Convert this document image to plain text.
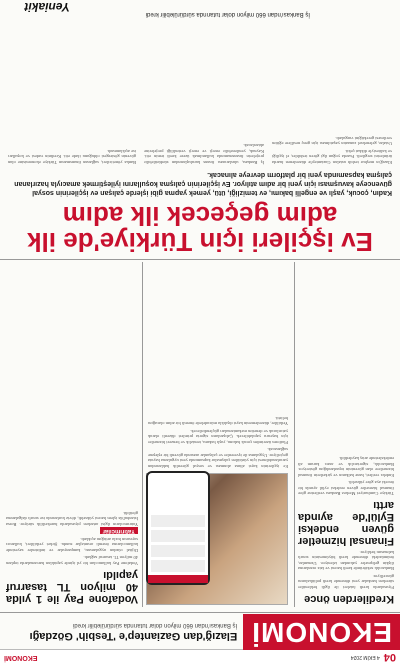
04
4 EKİM 2024
EKONOMİ
EKONOMİ
Elazığ'dan Gaziantep'e 'Tesbih' Gözdağı
İş Bankası'ndan 660 milyon dolar tutarında sürdürülebilir kredi
Kredilerden önce

Piyasalarda kredi faizleri ile ilgili beklentiler sürerken bankalar yeni dönemde kredi politikalarını güncelliyor.

Bankacılık sektöründe kredi hacmi ve faiz oranlarına ilişkin gelişmeler yakından izleniyor. Uzmanlar, önümüzdeki dönemde kredi büyümesinin sınırlı kalmasını bekliyor.

Finansal hizmetler güven endeksi Eylül'de ayında arttı

Türkiye Cumhuriyet Merkez Bankası verilerine göre finansal hizmetler güven endeksi eylül ayında bir önceki aya göre yükseldi.

Endeks verileri, hane halkının ve şirketlerin finansal hizmetlere olan güveninin toparlandığını gösteriyor. Bankacılık, sigortacılık ve aracı kurum alt endekslerinde artış kaydedildi.

Ev işçilerinin kayıt altına alınması ve sosyal güvenlik haklarından yararlanabilmesi için yürütülen çalışmalar kapsamında yeni uygulama hayata geçiriliyor. Uygulama ile işverenler ve çalışanlar arasında güvenli bir eşleşme sağlanacak.

Platform üzerinden çocuk bakımı, yaşlı bakımı, temizlik ve benzeri hizmetler için başvuru yapılabilecek. Çalışanların sigorta primleri düzenli olarak yatırılacak ve denetim mekanizmaları güçlendirilecek.

Yetkililer, düzenlemenin kayıt dışılıkla mücadelede önemli bir adım olacağını belirtti.

Vodafone Pay ile 1 yılda 40 milyon TL tasarruf yapıldı

Vodafone Pay kullanıcıları bir yıl içinde yaptıkları harcamalarda toplam 40 milyon TL tasarruf sağladı.

Dijital cüzdan uygulaması, kampanyalar ve indirimler sayesinde kullanıcılarına önemli avantajlar sundu. Şirket yetkilileri, kullanıcı sayısının hızla arttığını açıkladı.

Yatırımcılar

Yatırımcıların ilgisi artarken piyasalarda hareketlilik sürüyor. Borsa İstanbul'da işlem hacmi yükseldi, döviz kurlarında ise sınırlı dalgalanma görüldü.

Ev işçileri için Türkiye'de ilk adım geçecek ilk adım
Kadın, çocuk, yaşlı ve engelli bakımı, ev temizliği, ütü, yemek yapma gibi işlerde çalışan ev işçilerinin sosyal güvenceye kavuşması için yeni bir adım atılıyor. Ev işçilerinin çalışma koşullarını iyileştirmek amacıyla hazırlanan çalışma kapsamında yeni bir platform devreye alınacak.

Elazığ'ın meşhur tesbih ustaları Gaziantep'te düzenlenen fuarda ürünlerini sergiledi. Fuarda yoğun ilgi gören tesbihler, el işçiliği ve kalitesiyle dikkat çekti.

Ustalar, geleneksel zanaatın yaşatılması için genç nesillere eğitim verilmesi gerektiğini vurguladı.

İş Bankası, uluslararası finans kuruluşlarından sürdürülebilir projelerin finansmanında kullanılmak üzere kredi temin etti. Kaynak, yenilenebilir enerji ve enerji verimliliği projelerine aktarılacak.

Banka yöneticileri, sağlanan finansmanın Türkiye ekonomisine olan güvenin göstergesi olduğunu ifade etti. Kredinin vadesi ve koşulları ise açıklanmadı.

İş Bankası'ndan 660 milyon dolar tutarında sürdürülebilir kredi
Yeniakit
